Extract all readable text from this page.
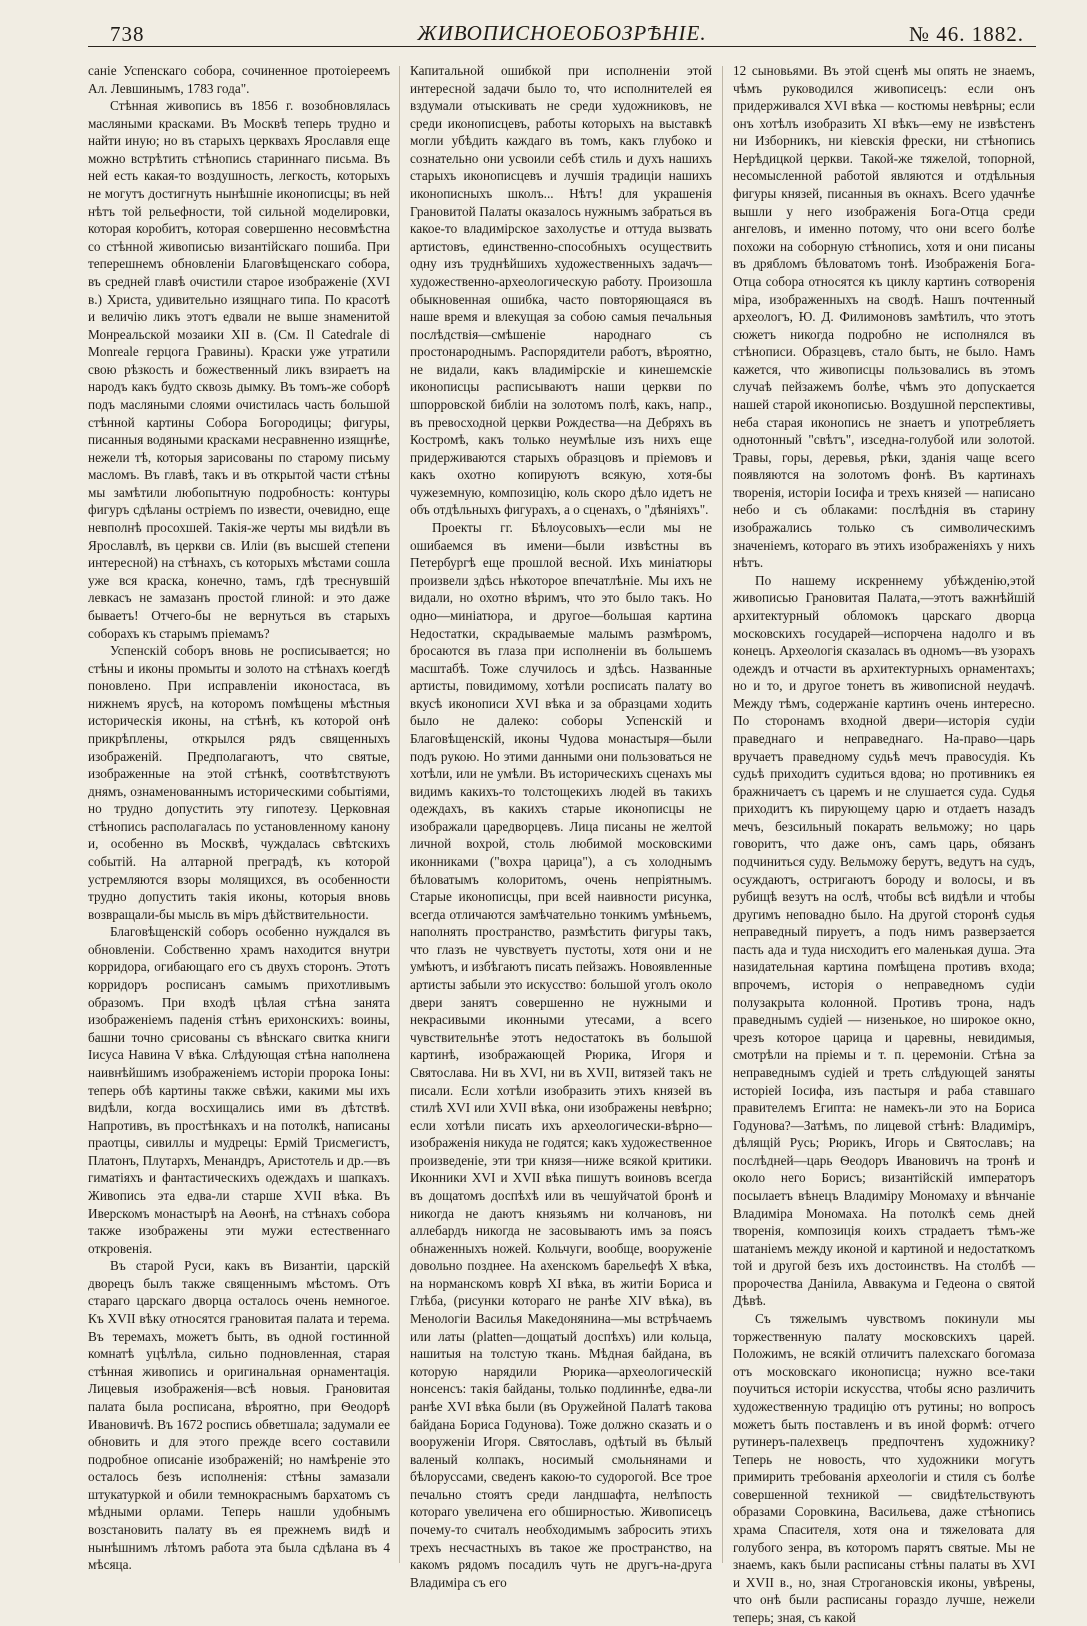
738	ЖИВОПИСНОЕОБОЗРѢНІЕ.	№ 46. 1882.

саніе Успенскаго собора, сочиненное протоіереемъ Ал. Левшинымъ, 1783 года".

Стѣнная живопись въ 1856 г. возобновлялась масляными красками. Въ Москвѣ теперь трудно и найти иную; но въ старыхъ церквахъ Ярославля еще можно встрѣтить стѣнопись стариннаго письма. Въ ней есть какая-то воздушность, легкость, которыхъ не могутъ достигнуть нынѣшніе иконописцы; въ ней нѣтъ той рельефности, той сильной моделировки, которая коробитъ, которая совершенно несовмѣстна со стѣнной живописью византійскаго пошиба. При теперешнемъ обновленіи Благовѣщенскаго собора, въ средней главѣ очистили старое изображеніе (XVI в.) Христа, удивительно изящнаго типа. По красотѣ и величію ликъ этотъ едвали не выше знаменитой Монреальской мозаики XII в. (См. Il Catedrale di Monreale герцога Гравины). Краски уже утратили свою рѣзкость и божественный ликъ взираетъ на народъ какъ будто сквозь дымку. Въ томъ-же соборѣ подъ масляными слоями очистилась часть большой стѣнной картины Собора Богородицы; фигуры, писанныя водяными красками несравненно изящнѣе, нежели тѣ, которыя зарисованы по старому письму масломъ. Въ главѣ, такъ и въ открытой части стѣны мы замѣтили любопытную подробность: контуры фигуръ сдѣланы острiемъ по извести, очевидно, еще невполнѣ просохшей. Такія-же черты мы видѣли въ Ярославлѣ, въ церкви св. Иліи (въ высшей степени интересной) на стѣнахъ, съ которыхъ мѣстами сошла уже вся краска, конечно, тамъ, гдѣ треснувшій левкасъ не замазанъ простой глиной: и это даже бываетъ! Отчего-бы не вернуться въ старыхъ соборахъ къ старымъ пріемамъ?

Успенскій соборъ вновь не росписывается; но стѣны и иконы промыты и золото на стѣнахъ коегдѣ поновлено. При исправленіи иконостаса, въ нижнемъ ярусѣ, на которомъ помѣщены мѣстныя историческія иконы, на стѣнѣ, къ которой онѣ прикрѣплены, открылся рядъ священныхъ изображеній. Предполагаютъ, что святые, изображенные на этой стѣнкѣ, соотвѣтствуютъ днямъ, ознаменованнымъ историческими событіями, но трудно допустить эту гипотезу. Церковная стѣнопись располагалась по установленному канону и, особенно въ Москвѣ, чуждалась свѣтскихъ событій. На алтарной преградѣ, къ которой устремляются взоры молящихся, въ особенности трудно допустить такія иконы, которыя вновь возвращали-бы мысль въ міръ дѣйствительности.

Благовѣщенскій соборъ особенно нуждался въ обновленіи. Собственно храмъ находится внутри корридора, огибающаго его съ двухъ сторонъ. Этотъ корридоръ росписанъ самымъ прихотливымъ образомъ. При входѣ цѣлая стѣна занята изображеніемъ паденія стѣнъ ерихонскихъ: воины, башни точно срисованы съ вѣнскаго свитка книги Іисуса Навина V вѣка. Слѣдующая стѣна наполнена наивнѣйшимъ изображеніемъ исторіи пророка Іоны: теперь обѣ картины также свѣжи, какими мы ихъ видѣли, когда восхищались ими въ дѣтствѣ. Напротивъ, въ простѣнкахъ и на потолкѣ, написаны праотцы, сивиллы и мудрецы: Ермій Трисмегистъ, Платонъ, Плутархъ, Менандръ, Аристотель и др.—въ гиматіяхъ и фантастическихъ одеждахъ и шапкахъ. Живопись эта едва-ли старше XVII вѣка. Въ Иверскомъ монастырѣ на Аѳонѣ, на стѣнахъ собора также изображены эти мужи естественнаго откровенія.

Въ старой Руси, какъ въ Византіи, царскій дворецъ былъ также священнымъ мѣстомъ. Отъ стараго царскаго дворца осталось очень немногое. Къ XVII вѣку относятся грановитая палата и терема. Въ теремахъ, можетъ быть, въ одной гостинной комнатѣ уцѣлѣла, сильно подновленная, старая стѣнная живопись и оригинальная орнаментація. Лицевыя изображенія—всѣ новыя. Грановитая палата была росписана, вѣроятно, при Ѳеодорѣ Ивановичѣ. Въ 1672 роспись обветшала; задумали ее обновить и для этого прежде всего составили подробное описаніе изображеній; но намѣреніе это осталось безъ исполненія: стѣны замазали штукатуркой и обили темнокраснымъ бархатомъ съ мѣдными орлами. Теперь нашли удобнымъ возстановить палату въ ея прежнемъ видѣ и нынѣшнимъ лѣтомъ работа эта была сдѣлана въ 4 мѣсяца.

Капитальной ошибкой при исполненіи этой интересной задачи было то, что исполнителей ея вздумали отыскивать не среди художниковъ, не среди иконописцевъ, работы которыхъ на выставкѣ могли убѣдить каждаго въ томъ, какъ глубоко и сознательно они усвоили себѣ стиль и духъ нашихъ старыхъ иконописцевъ и лучшія традиціи нашихъ иконописныхъ школъ... Нѣтъ! для украшенія Грановитой Палаты оказалось нужнымъ забраться въ какое-то владимірское захолустье и оттуда вызвать артистовъ, единственно-способныхъ осуществить одну изъ труднѣйшихъ художественныхъ задачъ—художественно-археологическую работу. Произошла обыкновенная ошибка, часто повторяющаяся въ наше время и влекущая за собою самыя печальныя послѣдствія—смѣшеніе народнаго съ простонароднымъ. Распорядители работъ, вѣроятно, не видали, какъ владимірскіе и кинешемскіе иконописцы расписываютъ наши церкви по шпорровской библіи на золотомъ полѣ, какъ, напр., въ превосходной церкви Рождества—на Дебряхъ въ Костромѣ, какъ только неумѣлые изъ нихъ еще придерживаются старыхъ образцовъ и пріемовъ и какъ охотно копируютъ всякую, хотя-бы чужеземную, композицію, коль скоро дѣло идетъ не объ отдѣльныхъ фигурахъ, а о сценахъ, о "дѣяніяхъ".

Проекты гг. Бѣлоусовыхъ—если мы не ошибаемся въ имени—были извѣстны въ Петербургѣ еще прошлой весной. Ихъ миніатюры произвели здѣсь нѣкоторое впечатлѣніе. Мы ихъ не видали, но охотно вѣримъ, что это было такъ. Но одно—миніатюра, и другое—большая картина Недостатки, скрадываемые малымъ размѣромъ, бросаются въ глаза при исполненіи въ большемъ масштабѣ. Тоже случилось и здѣсь. Названные артисты, повидимому, хотѣли росписать палату во вкусѣ иконописи XVI вѣка и за образцами ходить было не далеко: соборы Успенскій и Благовѣщенскій, иконы Чудова монастыря—были подъ рукою. Но этими данными они пользоваться не хотѣли, или не умѣли. Въ историческихъ сценахъ мы видимъ какихъ-то толстощекихъ людей въ такихъ одеждахъ, въ какихъ старые иконописцы не изображали царедворцевъ. Лица писаны не желтой личной вохрой, столь любимой московскими иконниками ("вохра царица"), а съ холоднымъ бѣловатымъ колоритомъ, очень непріятнымъ. Старые иконописцы, при всей наивности рисунка, всегда отличаются замѣчательно тонкимъ умѣньемъ, наполнять пространство, размѣстить фигуры такъ, что глазъ не чувствуетъ пустоты, хотя они и не умѣютъ, и избѣгаютъ писать пейзажъ. Новоявленные артисты забыли это искусство: большой уголъ около двери занятъ совершенно не нужными и некрасивыми иконными утесами, а всего чувствительнѣе этотъ недостатокъ въ большой картинѣ, изображающей Рюрика, Игоря и Святослава. Ни въ XVI, ни въ XVII, витязей такъ не писали. Если хотѣли изобразить этихъ князей въ стилѣ XVI или XVII вѣка, они изображены невѣрно; если хотѣли писать ихъ археологически-вѣрно—изображенія никуда не годятся; какъ художественное произведеніе, эти три князя—ниже всякой критики. Иконники XVI и XVII вѣка пишутъ воиновъ всегда въ дощатомъ доспѣхѣ или въ чешуйчатой бронѣ и никогда не даютъ князьямъ ни колчановъ, ни аллебардъ никогда не засовываютъ имъ за поясъ обнаженныхъ ножей. Кольчуги, вообще, вооруженіе довольно позднее. На ахенскомъ барельефѣ X вѣка, на норманскомъ коврѣ XI вѣка, въ житіи Бориса и Глѣба, (рисунки котораго не ранѣе XIV вѣка), въ Менологіи Василья Македонянина—мы встрѣчаемъ или латы (platten—дощатый доспѣхъ) или кольца, нашитыя на толстую ткань. Мѣдная байдана, въ которую нарядили Рюрика—археологическій нонсенсъ: такія байданы, только подлиннѣе, едва-ли ранѣе XVI вѣка были (въ Оружейной Палатѣ такова байдана Бориса Годунова). Тоже должно сказать и о вооруженіи Игоря. Святославъ, одѣтый въ бѣлый валеный колпакъ, носимый смольнянами и бѣлоруссами, сведенъ какою-то судорогой. Все трое печально стоятъ среди ландшафта, нелѣпость котораго увеличена его обширностью. Живописецъ почему-то считалъ необходимымъ забросить этихъ трехъ несчастныхъ въ такое же пространство, на какомъ рядомъ посадилъ чуть не другъ-на-друга Владиміра съ его

12 сыновьями. Въ этой сценѣ мы опять не знаемъ, чѣмъ руководился живописецъ: если онъ придерживался XVI вѣка — костюмы невѣрны; если онъ хотѣлъ изобразить XI вѣкъ—ему не извѣстенъ ни Изборникъ, ни кіевскія фрески, ни стѣнопись Нерѣдицкой церкви. Такой-же тяжелой, топорной, несомысленной работой являются и отдѣльныя фигуры князей, писанныя въ окнахъ. Всего удачнѣе вышли у него изображенія Бога-Отца среди ангеловъ, и именно потому, что они всего болѣе похожи на соборную стѣнопись, хотя и они писаны въ дрябломъ бѣловатомъ тонѣ. Изображенія Бога-Отца собора относятся къ циклу картинъ сотворенія міра, изображенныхъ на сводѣ. Нашъ почтенный археологъ, Ю. Д. Филимоновъ замѣтилъ, что этотъ сюжетъ никогда подробно не исполнялся въ стѣнописи. Образцевъ, стало быть, не было. Намъ кажется, что живописцы пользовались въ этомъ случаѣ пейзажемъ болѣе, чѣмъ это допускается нашей старой иконописью. Воздушной перспективы, неба старая иконопись не знаетъ и употребляетъ однотонный "свѣтъ", изседна-голубой или золотой. Травы, горы, деревья, рѣки, зданія чаще всего появляются на золотомъ фонѣ. Въ картинахъ творенія, исторіи Іосифа и трехъ князей — написано небо и съ облаками: послѣднія въ старину изображались только съ символическимъ значеніемъ, котораго въ этихъ изображеніяхъ у нихъ нѣтъ.

По нашему искреннему убѣжденію,этой живописью Грановитая Палата,—этотъ важнѣйшій архитектурный обломокъ царскаго дворца московскихъ государей—испорчена надолго и въ конецъ. Археологія сказалась въ одномъ—въ узорахъ одеждъ и отчасти въ архитектурныхъ орнаментахъ; но и то, и другое тонетъ въ живописной неудачѣ. Между тѣмъ, содержаніе картинъ очень интересно. По сторонамъ входной двери—исторія судіи праведнаго и неправеднаго. На-право—царь вручаетъ праведному судьѣ мечъ правосудія. Къ судьѣ приходитъ судиться вдова; но противникъ ея бражничаетъ съ царемъ и не слушается суда. Судья приходитъ къ пирующему царю и отдаетъ назадъ мечъ, безсильный покарать вельможу; но царь говоритъ, что даже онъ, самъ царь, обязанъ подчиниться суду. Вельможу берутъ, ведутъ на судъ, осуждаютъ, остригаютъ бороду и волосы, и въ рубищѣ везутъ на ослѣ, чтобы всѣ видѣли и чтобы другимъ неповадно было. На другой сторонѣ судья неправедный пируетъ, а подъ нимъ разверзается пасть ада и туда нисходитъ его маленькая душа. Эта назидательная картина помѣщена противъ входа; впрочемъ, исторія о неправедномъ судіи полузакрыта колонной. Противъ трона, надъ праведнымъ судіей — низенькое, но широкое окно, чрезъ которое царица и царевны, невидимыя, смотрѣли на пріемы и т. п. церемоніи. Стѣна за неправеднымъ судіей и треть слѣдующей заняты исторіей Іосифа, изъ пастыря и раба ставшаго правителемъ Египта: не намекъ-ли это на Бориса Годунова?—Затѣмъ, по лицевой стѣнѣ: Владиміръ, дѣлящій Русь; Рюрикъ, Игорь и Святославъ; на послѣдней—царь Ѳеодоръ Ивановичъ на тронѣ и около него Борисъ; византійскій императоръ посылаетъ вѣнецъ Владиміру Мономаху и вѣнчаніе Владиміра Мономаха. На потолкѣ семь дней творенія, композиція коихъ страдаетъ тѣмъ-же шатаніемъ между иконой и картиной и недостаткомъ той и другой безъ ихъ достоинствъ. На столбѣ — пророчества Даніила, Аввакума и Гедеона о святой Дѣвѣ.

Съ тяжелымъ чувствомъ покинули мы торжественную палату московскихъ царей. Положимъ, не всякій отличитъ палехскаго богомаза отъ московскаго иконописца; нужно все-таки поучиться исторіи искусства, чтобы ясно различить художественную традицію отъ рутины; но вопросъ можетъ быть поставленъ и въ иной формѣ: отчего рутинеръ-палехвецъ предпочтенъ художнику? Теперь не новость, что художники могутъ примирить требованія археологіи и стиля съ болѣе совершенной техникой — свидѣтельствуютъ образами Соровкина, Васильева, даже стѣнопись храма Спасителя, хотя она и тяжеловата для голубого зенра, въ которомъ парятъ святые. Мы не знаемъ, какъ были расписаны стѣны палаты въ XVI и XVII в., но, зная Строгановскія иконы, увѣрены, что онѣ были расписаны гораздо лучше, нежели теперь; зная, съ какой
